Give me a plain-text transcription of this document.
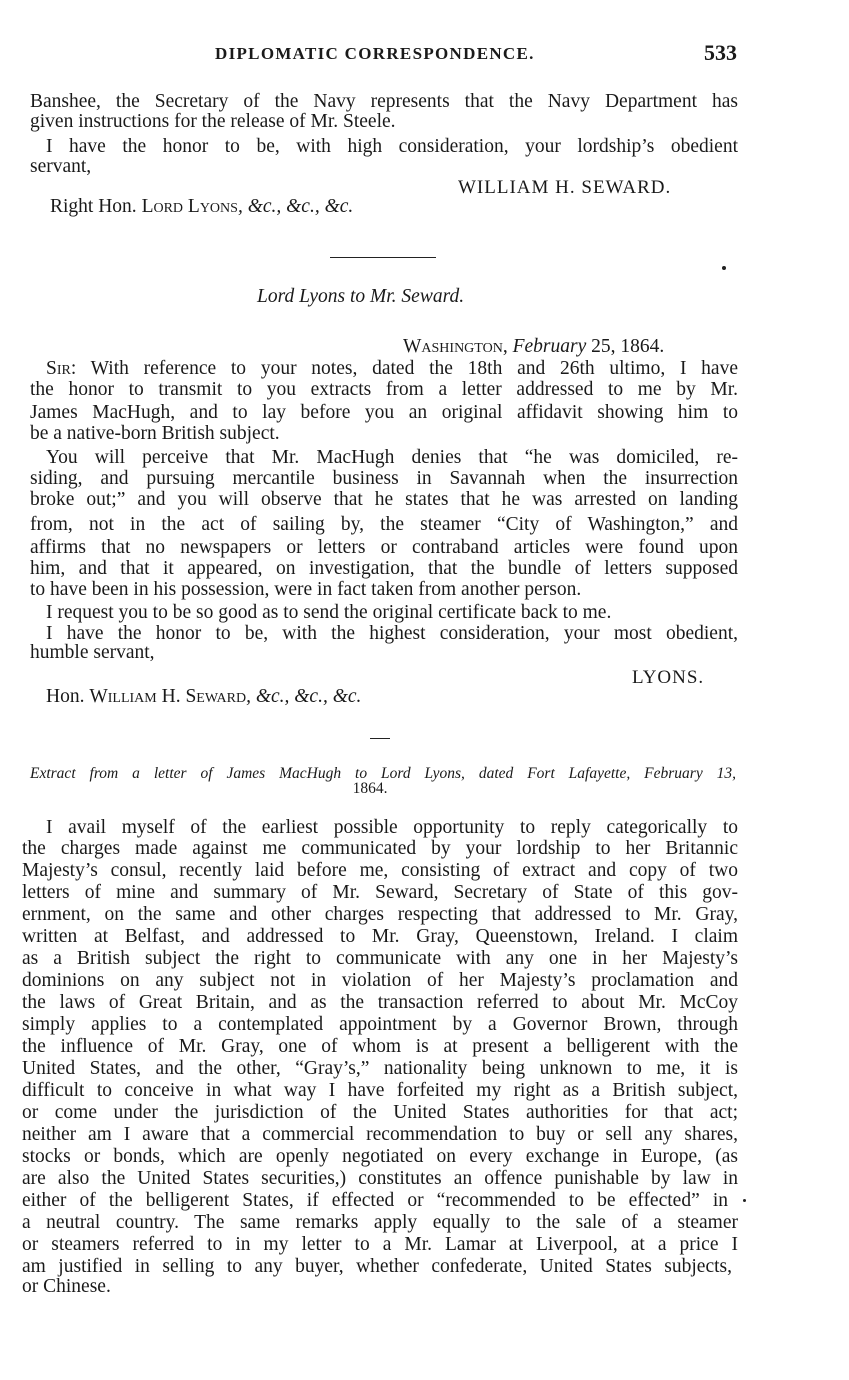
DIPLOMATIC CORRESPONDENCE.	533
Banshee, the Secretary of the Navy represents that the Navy Department has
given instructions for the release of Mr. Steele.
I have the honor to be, with high consideration, your lordship’s obedient
servant,
WILLIAM H. SEWARD.
Right Hon. Lord Lyons, &c., &c., &c.
Lord Lyons to Mr. Seward.
Washington, February 25, 1864.
Sir: With reference to your notes, dated the 18th and 26th ultimo, I have
the honor to transmit to you extracts from a letter addressed to me by Mr.
James MacHugh, and to lay before you an original affidavit showing him to
be a native-born British subject.
You will perceive that Mr. MacHugh denies that “he was domiciled, re-
siding, and pursuing mercantile business in Savannah when the insurrection
broke out;” and you will observe that he states that he was arrested on landing
from, not in the act of sailing by, the steamer “City of Washington,” and
affirms that no newspapers or letters or contraband articles were found upon
him, and that it appeared, on investigation, that the bundle of letters supposed
to have been in his possession, were in fact taken from another person.
I request you to be so good as to send the original certificate back to me.
I have the honor to be, with the highest consideration, your most obedient,
humble servant,
LYONS.
Hon. William H. Seward, &c., &c., &c.
Extract from a letter of James MacHugh to Lord Lyons, dated Fort Lafayette, February 13,
1864.
I avail myself of the earliest possible opportunity to reply categorically to
the charges made against me communicated by your lordship to her Britannic
Majesty’s consul, recently laid before me, consisting of extract and copy of two
letters of mine and summary of Mr. Seward, Secretary of State of this gov-
ernment, on the same and other charges respecting that addressed to Mr. Gray,
written at Belfast, and addressed to Mr. Gray, Queenstown, Ireland. I claim
as a British subject the right to communicate with any one in her Majesty’s
dominions on any subject not in violation of her Majesty’s proclamation and
the laws of Great Britain, and as the transaction referred to about Mr. McCoy
simply applies to a contemplated appointment by a Governor Brown, through
the influence of Mr. Gray, one of whom is at present a belligerent with the
United States, and the other, “Gray’s,” nationality being unknown to me, it is
difficult to conceive in what way I have forfeited my right as a British subject,
or come under the jurisdiction of the United States authorities for that act;
neither am I aware that a commercial recommendation to buy or sell any shares,
stocks or bonds, which are openly negotiated on every exchange in Europe, (as
are also the United States securities,) constitutes an offence punishable by law in
either of the belligerent States, if effected or “recommended to be effected” in
a neutral country. The same remarks apply equally to the sale of a steamer
or steamers referred to in my letter to a Mr. Lamar at Liverpool, at a price I
am justified in selling to any buyer, whether confederate, United States subjects,
or Chinese.
